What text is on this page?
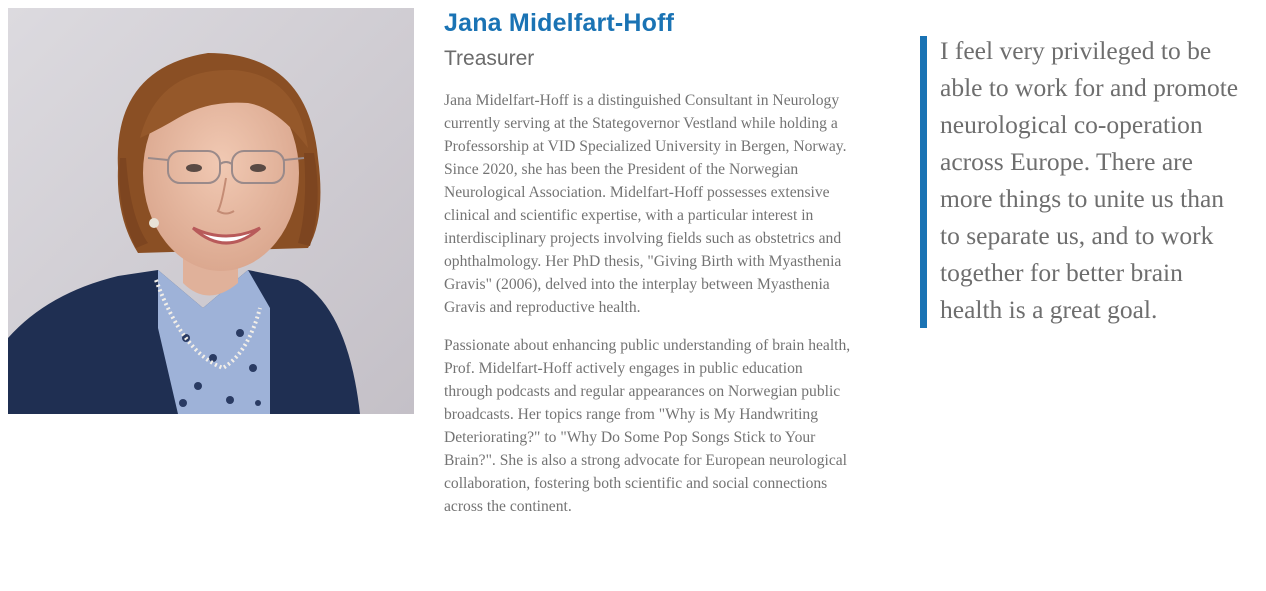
Jana Midelfart-Hoff
Treasurer

Jana Midelfart-Hoff is a distinguished Consultant in Neurology currently serving at the Stategovernor Vestland while holding a Professorship at VID Specialized University in Bergen, Norway. Since 2020, she has been the President of the Norwegian Neurological Association. Midelfart-Hoff possesses extensive clinical and scientific expertise, with a particular interest in interdisciplinary projects involving fields such as obstetrics and ophthalmology. Her PhD thesis, "Giving Birth with Myasthenia Gravis" (2006), delved into the interplay between Myasthenia Gravis and reproductive health.

Passionate about enhancing public understanding of brain health, Prof. Midelfart-Hoff actively engages in public education through podcasts and regular appearances on Norwegian public broadcasts. Her topics range from "Why is My Handwriting Deteriorating?" to "Why Do Some Pop Songs Stick to Your Brain?". She is also a strong advocate for European neurological collaboration, fostering both scientific and social connections across the continent.

I feel very privileged to be able to work for and promote neurological co-operation across Europe. There are more things to unite us than to separate us, and to work together for better brain health is a great goal.
